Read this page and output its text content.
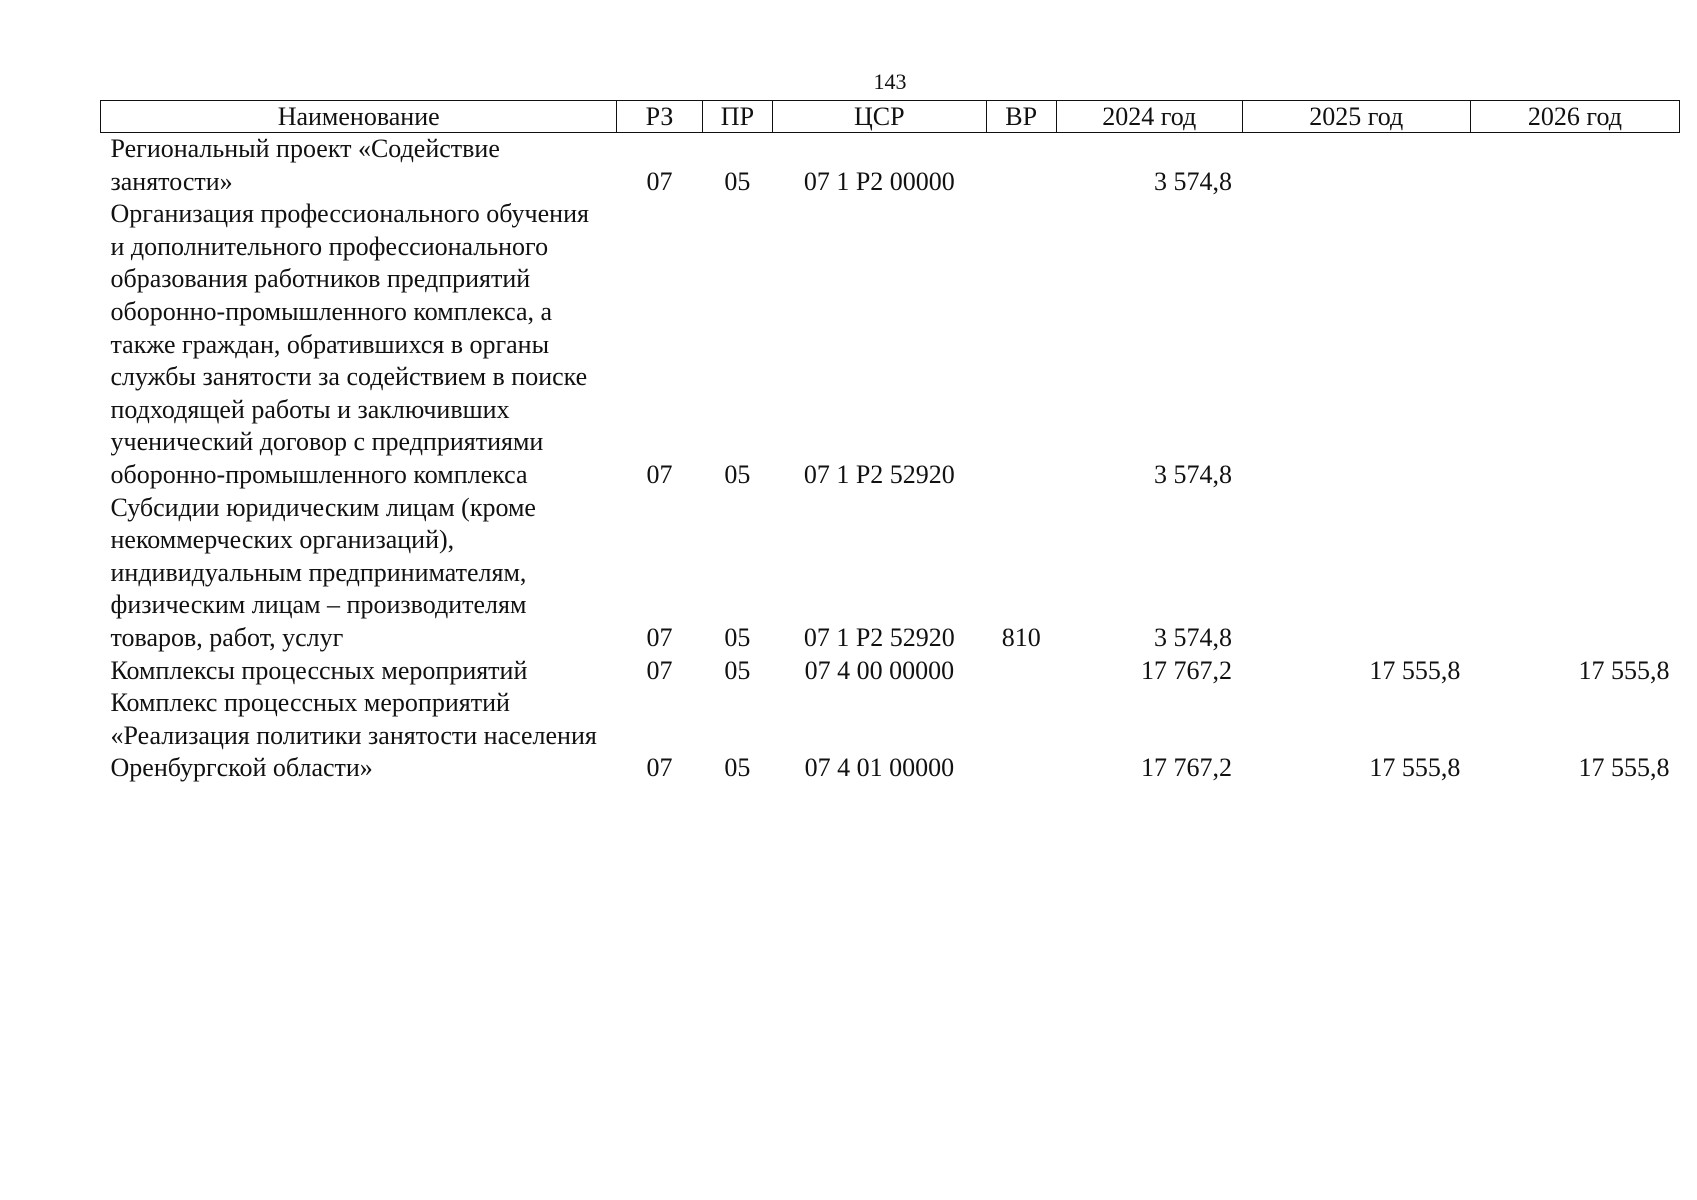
143
Наименование	РЗ	ПР	ЦСР	ВР	2024 год	2025 год	2026 год
Региональный проект «Содействие занятости»	07	05	07 1 Р2 00000		3 574,8		
Организация профессионального обучения и дополнительного профессионального образования работников предприятий оборонно-промышленного комплекса, а также граждан, обратившихся в органы службы занятости за содействием в поиске подходящей работы и заключивших ученический договор с предприятиями оборонно-промышленного комплекса	07	05	07 1 Р2 52920		3 574,8		
Субсидии юридическим лицам (кроме некоммерческих организаций), индивидуальным предпринимателям, физическим лицам – производителям товаров, работ, услуг	07	05	07 1 Р2 52920	810	3 574,8		
Комплексы процессных мероприятий	07	05	07 4 00 00000		17 767,2	17 555,8	17 555,8
Комплекс процессных мероприятий «Реализация политики занятости населения Оренбургской области»	07	05	07 4 01 00000		17 767,2	17 555,8	17 555,8
